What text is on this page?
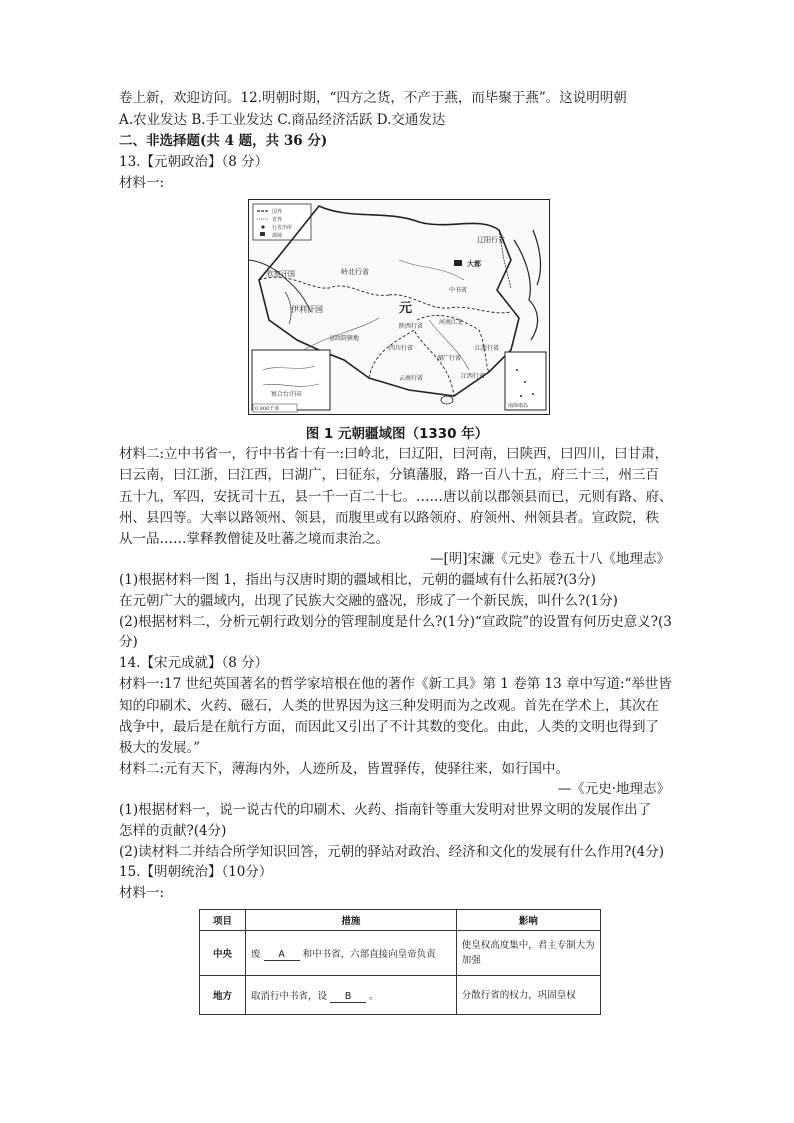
卷上新，欢迎访问。12.明朝时期，“四方之货，不产于燕，而毕聚于燕”。这说明明朝
A.农业发达 B.手工业发达 C.商品经济活跃 D.交通发达
二、非选择题(共 4 题，共 36 分)
13.【元朝政治】（8 分）
材料一:
国界
省界
行省治所
都城
察合台汗国
南海诸岛
大都
元
岭北行省
辽阳行省
中书省
陕西行省
河南江北
四川行省
宣政院辖地
云南行省
湖广行省
江西行省
江浙行省
钦察汗国
伊利汗国
0 800千米
图 1 元朝疆域图（1330 年）
材料二:立中书省一，行中书省十有一:曰岭北，曰辽阳，曰河南，曰陕西，曰四川，曰甘肃，
曰云南，曰江浙，曰江西，曰湖广，曰征东，分镇藩服，路一百八十五，府三十三，州三百
五十九，军四，安抚司十五，县一千一百二十七。……唐以前以郡领县而已，元则有路、府、
州、县四等。大率以路领州、领县，而腹里或有以路领府、府领州、州领县者。宣政院，秩
从一品……掌释教僧徒及吐蕃之境而隶治之。
—[明]宋濂《元史》卷五十八《地理志》
(1)根据材料一图 1，指出与汉唐时期的疆域相比，元朝的疆域有什么拓展?(3分)
在元朝广大的疆域内，出现了民族大交融的盛况，形成了一个新民族，叫什么?(1分)
(2)根据材料二，分析元朝行政划分的管理制度是什么?(1分)“宣政院”的设置有何历史意义?(3
分)
14.【宋元成就】（8 分）
材料一:17 世纪英国著名的哲学家培根在他的著作《新工具》第 1 卷第 13 章中写道:“举世皆
知的印刷术、火药、磁石，人类的世界因为这三种发明而为之改观。首先在学术上，其次在
战争中，最后是在航行方面，而因此又引出了不计其数的变化。由此，人类的文明也得到了
极大的发展。”
材料二:元有天下，薄海内外，人迹所及，皆置驿传，使驿往来，如行国中。
—《元史·地理志》
(1)根据材料一，说一说古代的印刷术、火药、指南针等重大发明对世界文明的发展作出了
怎样的贡献?(4分)
(2)读材料二并结合所学知识回答，元朝的驿站对政治、经济和文化的发展有什么作用?(4分)
15.【明朝统治】（10分）
材料一:
项目	措施	影响
中央	废 A 和中书省，六部直接向皇帝负责	使皇权高度集中，君主专制大为加强
地方	取消行中书省，设 B 。	分散行省的权力，巩固皇权
